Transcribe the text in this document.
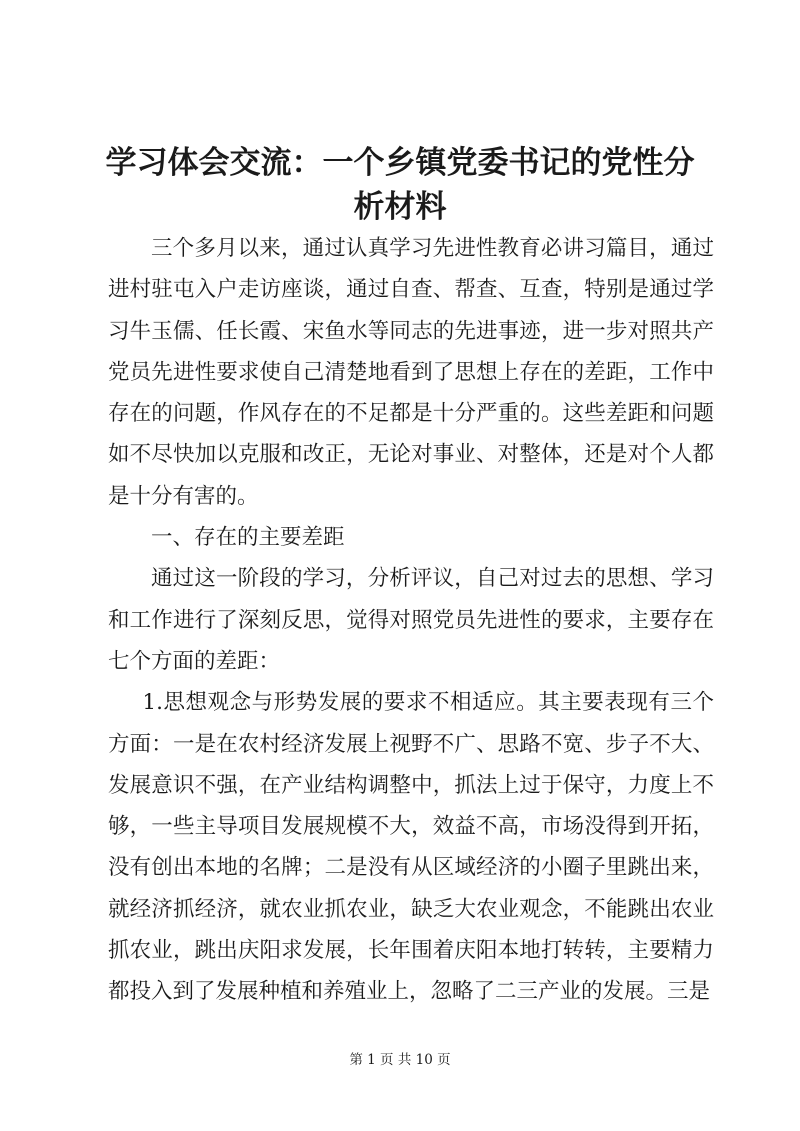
学习体会交流：一个乡镇党委书记的党性分析材料

三个多月以来，通过认真学习先进性教育必讲习篇目，通过进村驻屯入户走访座谈，通过自查、帮查、互查，特别是通过学习牛玉儒、任长霞、宋鱼水等同志的先进事迹，进一步对照共产党员先进性要求使自己清楚地看到了思想上存在的差距，工作中存在的问题，作风存在的不足都是十分严重的。这些差距和问题如不尽快加以克服和改正，无论对事业、对整体，还是对个人都是十分有害的。

一、存在的主要差距

通过这一阶段的学习，分析评议，自己对过去的思想、学习和工作进行了深刻反思，觉得对照党员先进性的要求，主要存在七个方面的差距：

1.思想观念与形势发展的要求不相适应。其主要表现有三个方面：一是在农村经济发展上视野不广、思路不宽、步子不大、发展意识不强，在产业结构调整中，抓法上过于保守，力度上不够，一些主导项目发展规模不大，效益不高，市场没得到开拓，没有创出本地的名牌；二是没有从区域经济的小圈子里跳出来，就经济抓经济，就农业抓农业，缺乏大农业观念，不能跳出农业抓农业，跳出庆阳求发展，长年围着庆阳本地打转转，主要精力都投入到了发展种植和养殖业上，忽略了二三产业的发展。三是

第 1 页 共 10 页
